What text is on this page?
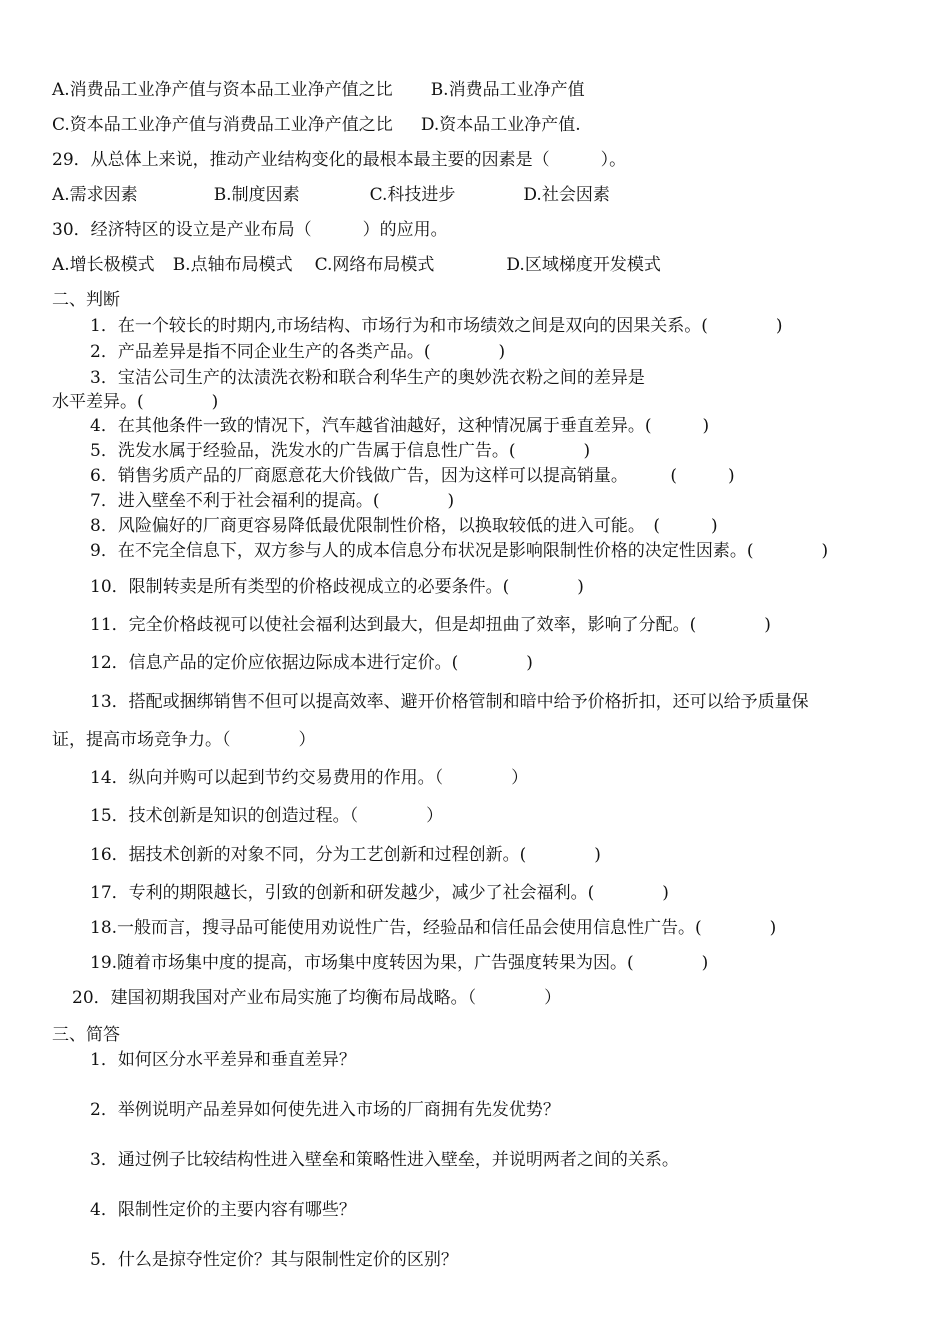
A.消费品工业净产值与资本品工业净产值之比 B.消费品工业净产值
C.资本品工业净产值与消费品工业净产值之比 D.资本品工业净产值.
29．从总体上来说，推动产业结构变化的最根本最主要的因素是（　　　）。
A.需求因素	B.制度因素	C.科技进步	D.社会因素
30．经济特区的设立是产业布局（　　　）的应用。
A.增长极模式 B.点轴布局模式 C.网络布局模式	D.区域梯度开发模式
二、判断
1．在一个较长的时期内,市场结构、市场行为和市场绩效之间是双向的因果关系。(　　　　)
2．产品差异是指不同企业生产的各类产品。(　　　　)
3．宝洁公司生产的汰渍洗衣粉和联合利华生产的奥妙洗衣粉之间的差异是
水平差异。(　　　　)
4．在其他条件一致的情况下，汽车越省油越好，这种情况属于垂直差异。(　　　)
5．洗发水属于经验品，洗发水的广告属于信息性广告。(　　　　)
6．销售劣质产品的厂商愿意花大价钱做广告，因为这样可以提高销量。　　　(　　　)
7．进入壁垒不利于社会福利的提高。(　　　　)
8．风险偏好的厂商更容易降低最优限制性价格，以换取较低的进入可能。　(　　　)
9．在不完全信息下，双方参与人的成本信息分布状况是影响限制性价格的决定性因素。(　　　　)
10．限制转卖是所有类型的价格歧视成立的必要条件。(　　　　)
11．完全价格歧视可以使社会福利达到最大，但是却扭曲了效率，影响了分配。(　　　　)
12．信息产品的定价应依据边际成本进行定价。(　　　　)
13．搭配或捆绑销售不但可以提高效率、避开价格管制和暗中给予价格折扣，还可以给予质量保
证，提高市场竞争力。（　　　　）
14．纵向并购可以起到节约交易费用的作用。（　　　　）
15．技术创新是知识的创造过程。（　　　　）
16．据技术创新的对象不同，分为工艺创新和过程创新。(　　　　)
17．专利的期限越长，引致的创新和研发越少，减少了社会福利。(　　　　)
18.一般而言，搜寻品可能使用劝说性广告，经验品和信任品会使用信息性广告。(　　　　)
19.随着市场集中度的提高，市场集中度转因为果，广告强度转果为因。(　　　　)
20．建国初期我国对产业布局实施了均衡布局战略。（　　　　）
三、简答
1．如何区分水平差异和垂直差异？
2．举例说明产品差异如何使先进入市场的厂商拥有先发优势？
3．通过例子比较结构性进入壁垒和策略性进入壁垒，并说明两者之间的关系。
4．限制性定价的主要内容有哪些？
5．什么是掠夺性定价？其与限制性定价的区别？
